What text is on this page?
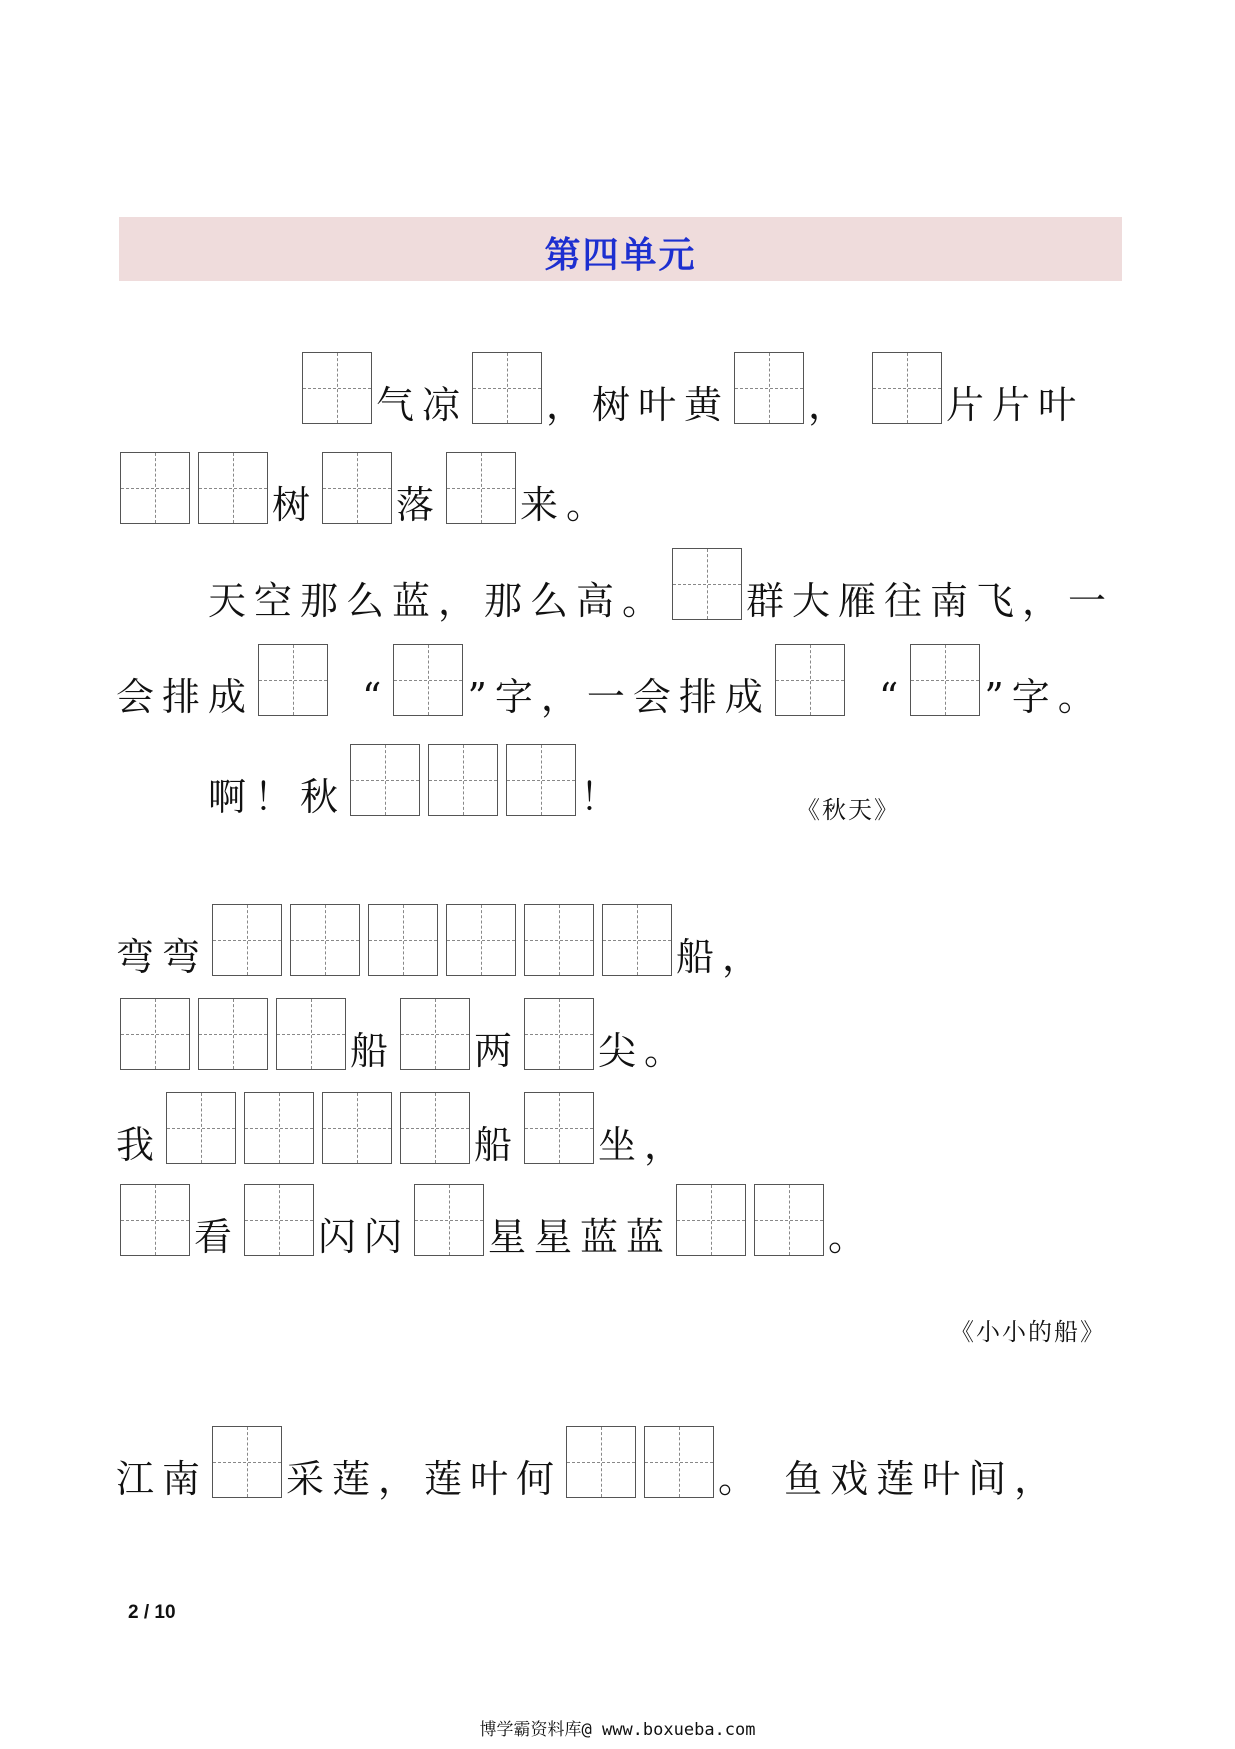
第四单元
气凉 ，树叶黄 ， 片片叶
树 落 来。
天空那么蓝，那么高。 群大雁往南飞，一
会排成	“ ”字，一会排成	“ ”字。
啊！秋	！	《秋天》
弯弯	船，
船 两 尖。
我	船 坐，
看 闪闪 星星蓝蓝	。
《小小的船》
江南 采莲，莲叶何	。 鱼戏莲叶间，
2 / 10
博学霸资料库@ www.boxueba.com
